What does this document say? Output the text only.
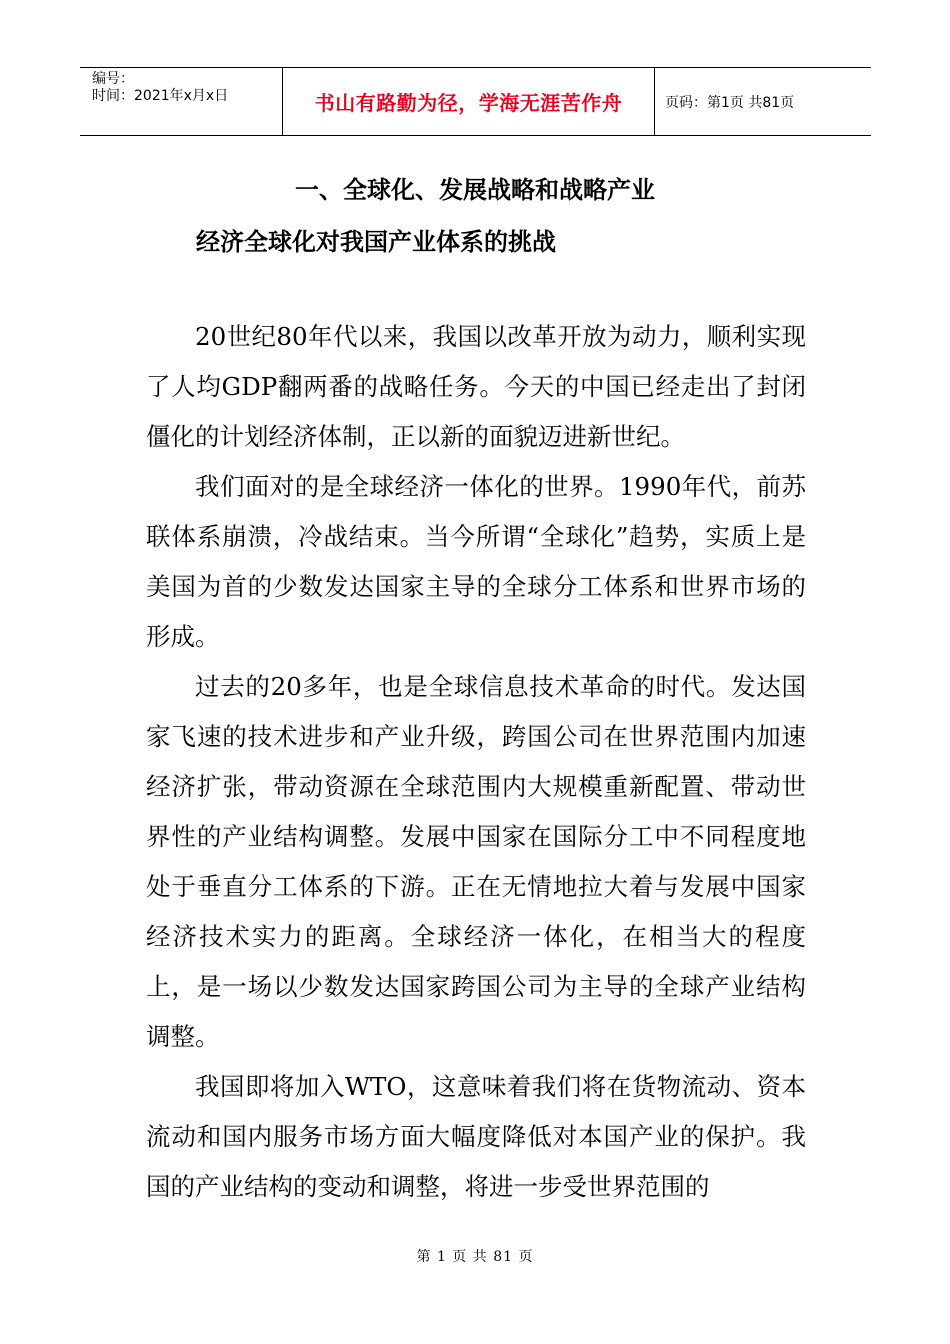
编号：
时间：2021年x月x日	书山有路勤为径，学海无涯苦作舟	页码：第1页 共81页
一、全球化、发展战略和战略产业
经济全球化对我国产业体系的挑战

20世纪80年代以来，我国以改革开放为动力，顺利实现了人均GDP翻两番的战略任务。今天的中国已经走出了封闭僵化的计划经济体制，正以新的面貌迈进新世纪。

我们面对的是全球经济一体化的世界。1990年代，前苏联体系崩溃，冷战结束。当今所谓“全球化”趋势，实质上是美国为首的少数发达国家主导的全球分工体系和世界市场的形成。

过去的20多年，也是全球信息技术革命的时代。发达国家飞速的技术进步和产业升级，跨国公司在世界范围内加速经济扩张，带动资源在全球范围内大规模重新配置、带动世界性的产业结构调整。发展中国家在国际分工中不同程度地处于垂直分工体系的下游。正在无情地拉大着与发展中国家经济技术实力的距离。全球经济一体化，在相当大的程度上，是一场以少数发达国家跨国公司为主导的全球产业结构调整。

我国即将加入WTO，这意味着我们将在货物流动、资本流动和国内服务市场方面大幅度降低对本国产业的保护。我国的产业结构的变动和调整，将进一步受世界范围的

第 1 页 共 81 页
